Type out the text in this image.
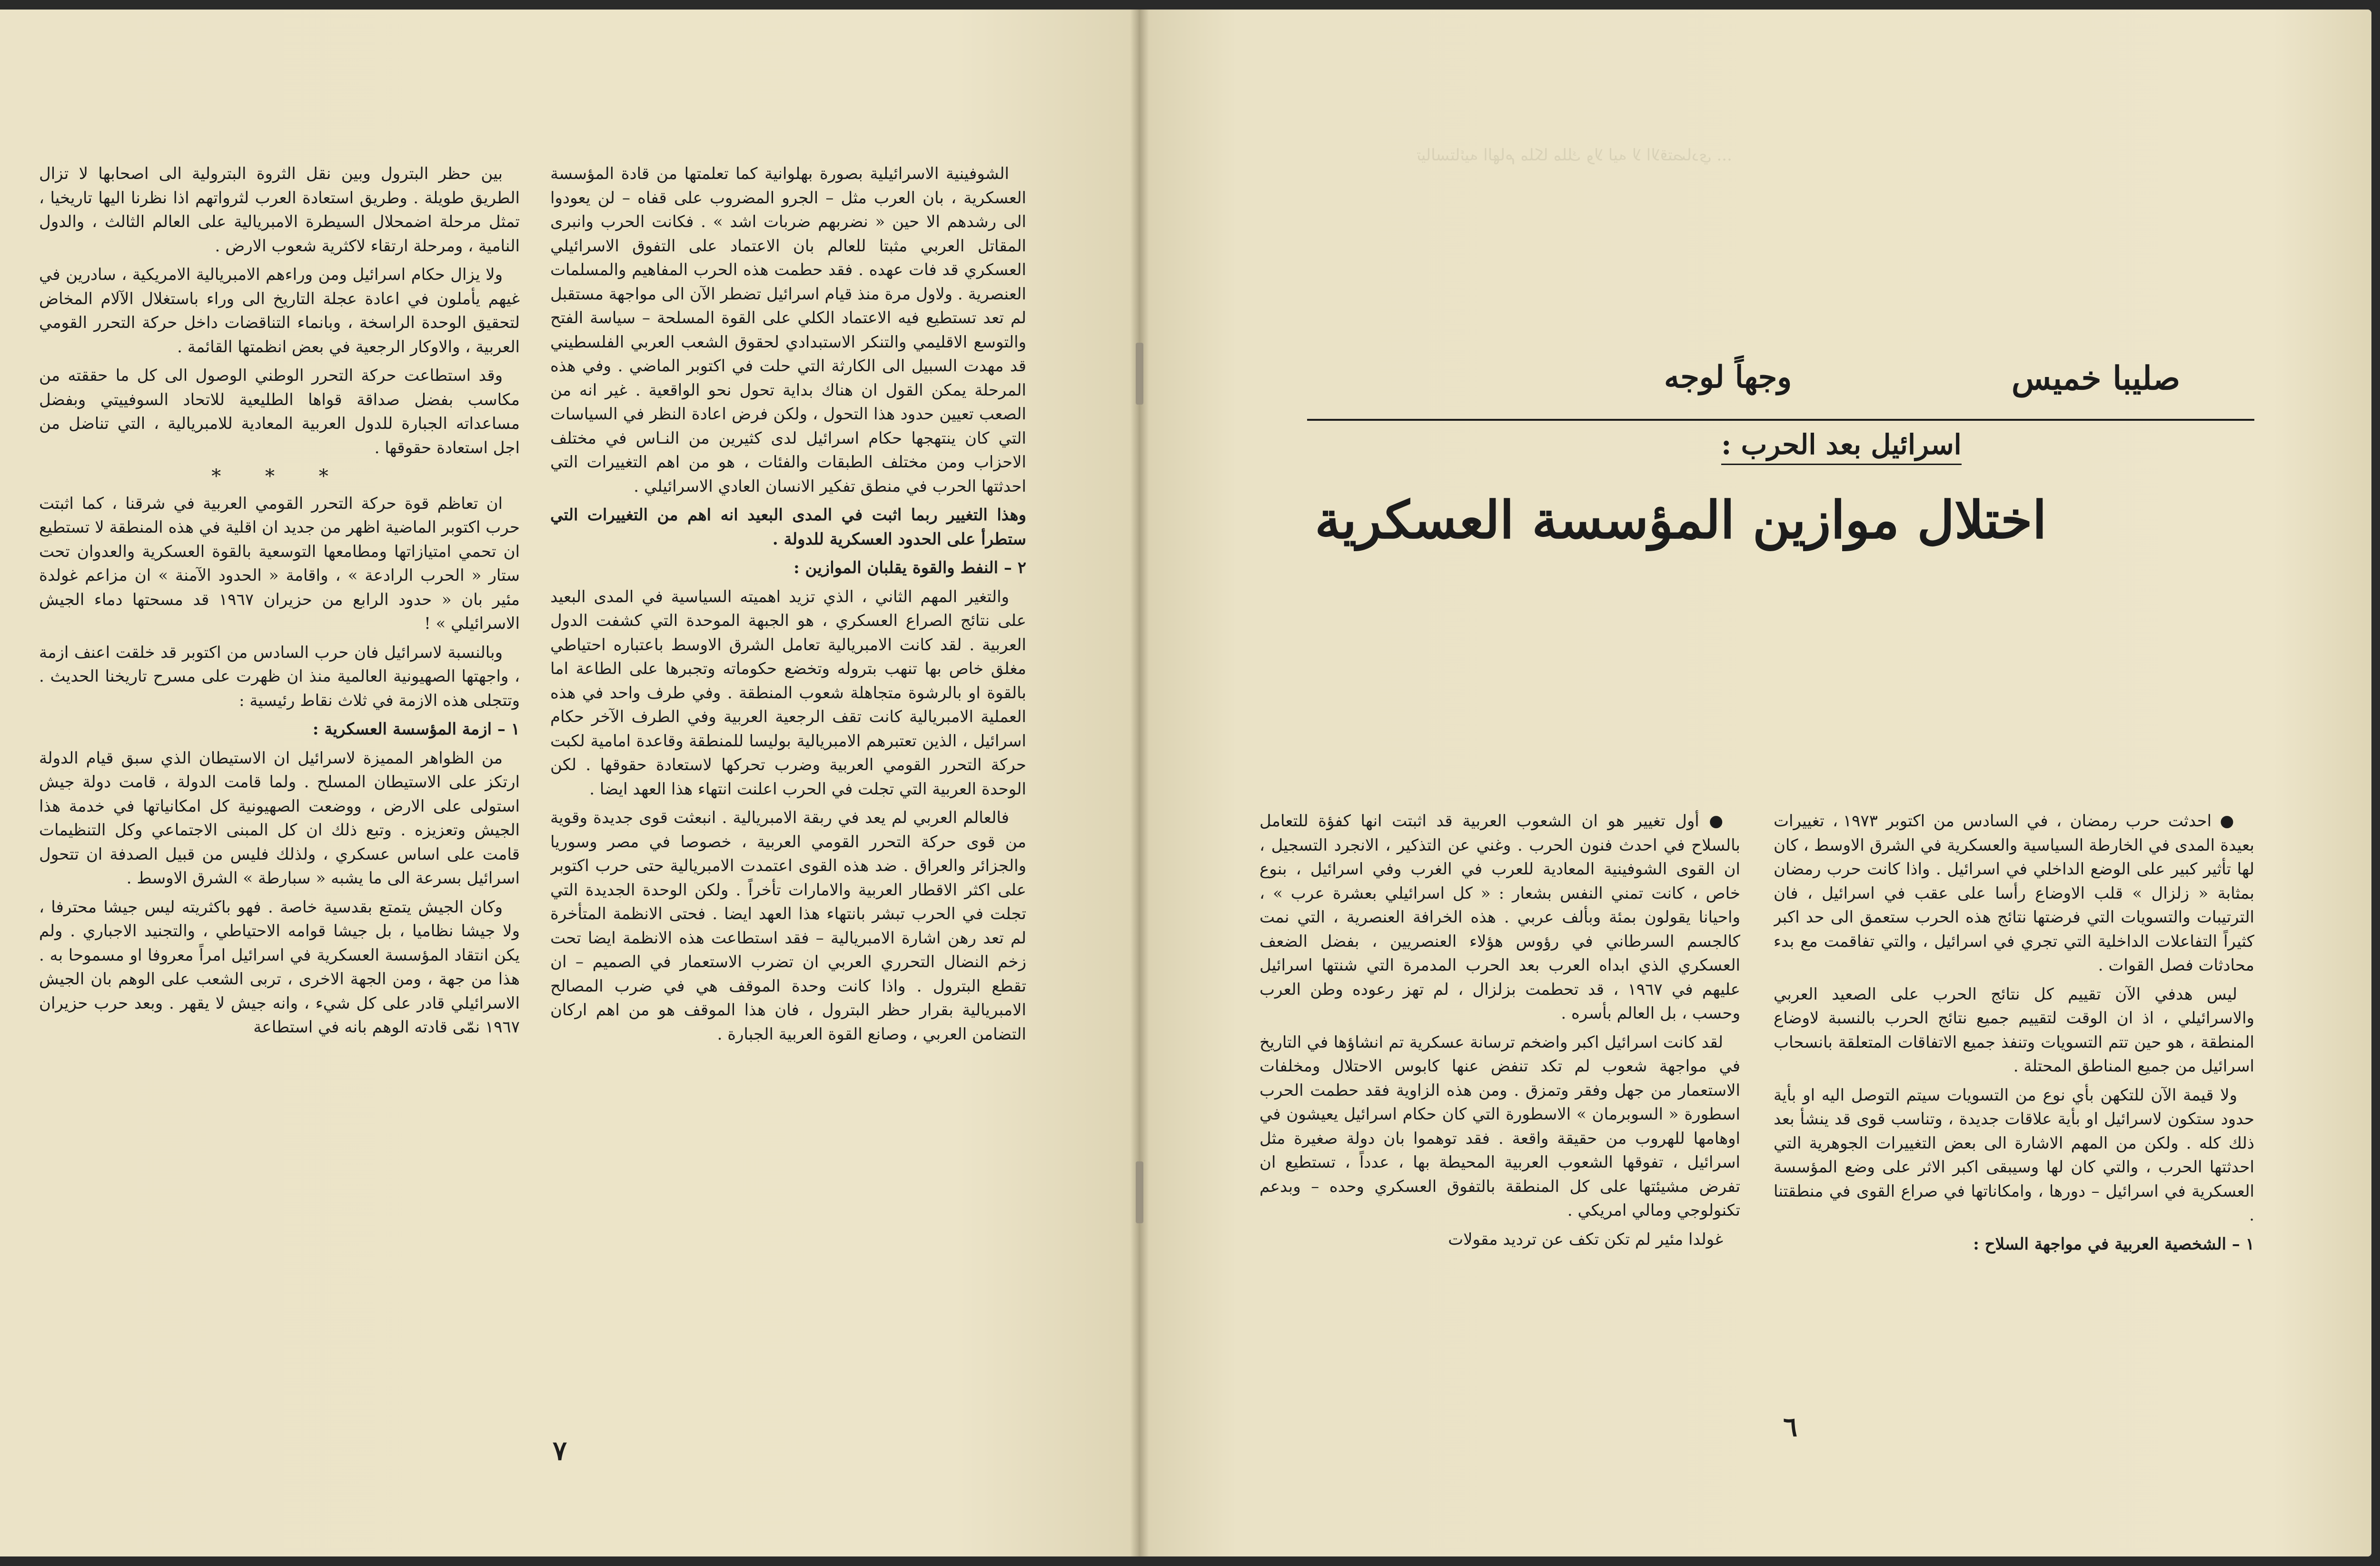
بين حظر البترول وبين نقل الثروة البترولية الى اصحابها لا تزال الطريق طويلة . وطريق استعادة العرب لثرواتهم اذا نظرنا اليها تاريخيا ، تمثل مرحلة اضمحلال السيطرة الامبريالية على العالم الثالث ، والدول النامية ، ومرحلة ارتقاء لاكثرية شعوب الارض .

ولا يزال حكام اسرائيل ومن وراءهم الامبريالية الامريكية ، سادرين في غيهم يأملون في اعادة عجلة التاريخ الى وراء باستغلال الآلام المخاض لتحقيق الوحدة الراسخة ، وبانماء التناقضات داخل حركة التحرر القومي العربية ، والاوكار الرجعية في بعض انظمتها القائمة .

وقد استطاعت حركة التحرر الوطني الوصول الى كل ما حققته من مكاسب بفضل صداقة قواها الطليعية للاتحاد السوفييتي وبفضل مساعداته الجبارة للدول العربية المعادية للامبريالية ، التي تناضل من اجل استعادة حقوقها .

* * *

ان تعاظم قوة حركة التحرر القومي العربية في شرقنا ، كما اثبتت حرب اكتوبر الماضية اظهر من جديد ان اقلية في هذه المنطقة لا تستطيع ان تحمي امتيازاتها ومطامعها التوسعية بالقوة العسكرية والعدوان تحت ستار « الحرب الرادعة » ، واقامة « الحدود الآمنة » ان مزاعم غولدة مئير بان « حدود الرابع من حزيران ١٩٦٧ قد مسحتها دماء الجيش الاسرائيلي » !

وبالنسبة لاسرائيل فان حرب السادس من اكتوبر قد خلقت اعنف ازمة ، واجهتها الصهيونية العالمية منذ ان ظهرت على مسرح تاريخنا الحديث . وتتجلى هذه الازمة في ثلاث نقاط رئيسية :

١ – ازمة المؤسسة العسكرية :

من الظواهر المميزة لاسرائيل ان الاستيطان الذي سبق قيام الدولة ارتكز على الاستيطان المسلح . ولما قامت الدولة ، قامت دولة جيش استولى على الارض ، ووضعت الصهيونية كل امكانياتها في خدمة هذا الجيش وتعزيزه . وتبع ذلك ان كل المبنى الاجتماعي وكل التنظيمات قامت على اساس عسكري ، ولذلك فليس من قبيل الصدفة ان تتحول اسرائيل بسرعة الى ما يشبه « سبارطة » الشرق الاوسط .

وكان الجيش يتمتع بقدسية خاصة . فهو باكثريته ليس جيشا محترفا ، ولا جيشا نظاميا ، بل جيشا قوامه الاحتياطي ، والتجنيد الاجباري . ولم يكن انتقاد المؤسسة العسكرية في اسرائيل امراً معروفا او مسموحا به . هذا من جهة ، ومن الجهة الاخرى ، تربى الشعب على الوهم بان الجيش الاسرائيلي قادر على كل شيء ، وانه جيش لا يقهر . وبعد حرب حزيران ١٩٦٧ نمّى قادته الوهم بانه في استطاعة

الشوفينية الاسرائيلية بصورة بهلوانية كما تعلمتها من قادة المؤسسة العسكرية ، بان العرب مثل – الجرو المضروب على قفاه – لن يعودوا الى رشدهم الا حين « نضربهم ضربات اشد » . فكانت الحرب وانبرى المقاتل العربي مثبتا للعالم بان الاعتماد على التفوق الاسرائيلي العسكري قد فات عهده . فقد حطمت هذه الحرب المفاهيم والمسلمات العنصرية . ولاول مرة منذ قيام اسرائيل تضطر الآن الى مواجهة مستقبل لم تعد تستطيع فيه الاعتماد الكلي على القوة المسلحة – سياسة الفتح والتوسع الاقليمي والتنكر الاستبدادي لحقوق الشعب العربي الفلسطيني قد مهدت السبيل الى الكارثة التي حلت في اكتوبر الماضي . وفي هذه المرحلة يمكن القول ان هناك بداية تحول نحو الواقعية . غير انه من الصعب تعيين حدود هذا التحول ، ولكن فرض اعادة النظر في السياسات التي كان ينتهجها حكام اسرائيل لدى كثيرين من النـاس في مختلف الاحزاب ومن مختلف الطبقات والفئات ، هو من اهم التغييرات التي احدثتها الحرب في منطق تفكير الانسان العادي الاسرائيلي .

وهذا التغيير ربما اثبت في المدى البعيد انه اهم من التغييرات التي ستطرأ على الحدود العسكرية للدولة .

٢ – النفط والقوة يقلبان الموازين :

والتغير المهم الثاني ، الذي تزيد اهميته السياسية في المدى البعيد على نتائج الصراع العسكري ، هو الجبهة الموحدة التي كشفت الدول العربية . لقد كانت الامبريالية تعامل الشرق الاوسط باعتباره احتياطي مغلق خاص بها تنهب بتروله وتخضع حكوماته وتجبرها على الطاعة اما بالقوة او بالرشوة متجاهلة شعوب المنطقة . وفي طرف واحد في هذه العملية الامبريالية كانت تقف الرجعية العربية وفي الطرف الآخر حكام اسرائيل ، الذين تعتبرهم الامبريالية بوليسا للمنطقة وقاعدة امامية لكبت حركة التحرر القومي العربية وضرب تحركها لاستعادة حقوقها . لكن الوحدة العربية التي تجلت في الحرب اعلنت انتهاء هذا العهد ايضا .

فالعالم العربي لم يعد في ربقة الامبريالية . انبعثت قوى جديدة وقوية من قوى حركة التحرر القومي العربية ، خصوصا في مصر وسوريا والجزائر والعراق . ضد هذه القوى اعتمدت الامبريالية حتى حرب اكتوبر على اكثر الاقطار العربية والامارات تأخراً . ولكن الوحدة الجديدة التي تجلت في الحرب تبشر بانتهاء هذا العهد ايضا . فحتى الانظمة المتأخرة لم تعد رهن اشارة الامبريالية – فقد استطاعت هذه الانظمة ايضا تحت زخم النضال التحرري العربي ان تضرب الاستعمار في الصميم – ان تقطع البترول . واذا كانت وحدة الموقف هي في ضرب المصالح الامبريالية بقرار حظر البترول ، فان هذا الموقف هو من اهم اركان التضامن العربي ، وصانع القوة العربية الجبارة .

٧
تيالستائيه الهام ملكا ملك ولا ليه لا الاقتصادي ...
صليبا خميس
وجهاً لوجه
اسرائيل بعد الحرب :
اختلال موازين المؤسسة العسكرية

● احدثت حرب رمضان ، في السادس من اكتوبر ١٩٧٣ ، تغييرات بعيدة المدى في الخارطة السياسية والعسكرية في الشرق الاوسط ، كان لها تأثير كبير على الوضع الداخلي في اسرائيل . واذا كانت حرب رمضان بمثابة « زلزال » قلب الاوضاع رأسا على عقب في اسرائيل ، فان الترتيبات والتسويات التي فرضتها نتائج هذه الحرب ستعمق الى حد اكبر كثيراً التفاعلات الداخلية التي تجري في اسرائيل ، والتي تفاقمت مع بدء محادثات فصل القوات .

ليس هدفي الآن تقييم كل نتائج الحرب على الصعيد العربي والاسرائيلي ، اذ ان الوقت لتقييم جميع نتائج الحرب بالنسبة لاوضاع المنطقة ، هو حين تتم التسويات وتنفذ جميع الاتفاقات المتعلقة بانسحاب اسرائيل من جميع المناطق المحتلة .

ولا قيمة الآن للتكهن بأي نوع من التسويات سيتم التوصل اليه او بأية حدود ستكون لاسرائيل او بأية علاقات جديدة ، وتناسب قوى قد ينشأ بعد ذلك كله . ولكن من المهم الاشارة الى بعض التغييرات الجوهرية التي احدثتها الحرب ، والتي كان لها وسيبقى اكبر الاثر على وضع المؤسسة العسكرية في اسرائيل – دورها ، وامكاناتها في صراع القوى في منطقتنا .

١ – الشخصية العربية في مواجهة السلاح :

● أول تغيير هو ان الشعوب العربية قد اثبتت انها كفؤة للتعامل بالسلاح في احدث فنون الحرب . وغني عن التذكير ، الانجرد التسجيل ، ان القوى الشوفينية المعادية للعرب في الغرب وفي اسرائيل ، بنوع خاص ، كانت تمني النفس بشعار : « كل اسرائيلي بعشرة عرب » ، واحيانا يقولون بمئة وبألف عربي . هذه الخرافة العنصرية ، التي نمت كالجسم السرطاني في رؤوس هؤلاء العنصريين ، بفضل الضعف العسكري الذي ابداه العرب بعد الحرب المدمرة التي شنتها اسرائيل عليهم في ١٩٦٧ ، قد تحطمت بزلزال ، لم تهز رعوده وطن العرب وحسب ، بل العالم بأسره .

لقد كانت اسرائيل اكبر واضخم ترسانة عسكرية تم انشاؤها في التاريخ في مواجهة شعوب لم تكد تنفض عنها كابوس الاحتلال ومخلفات الاستعمار من جهل وفقر وتمزق . ومن هذه الزاوية فقد حطمت الحرب اسطورة « السوبرمان » الاسطورة التي كان حكام اسرائيل يعيشون في اوهامها للهروب من حقيقة واقعة . فقد توهموا بان دولة صغيرة مثل اسرائيل ، تفوقها الشعوب العربية المحيطة بها ، عدداً ، تستطيع ان تفرض مشيئتها على كل المنطقة بالتفوق العسكري وحده – وبدعم تكنولوجي ومالي امريكي .

غولدا مئير لم تكن تكف عن ترديد مقولات

٦
